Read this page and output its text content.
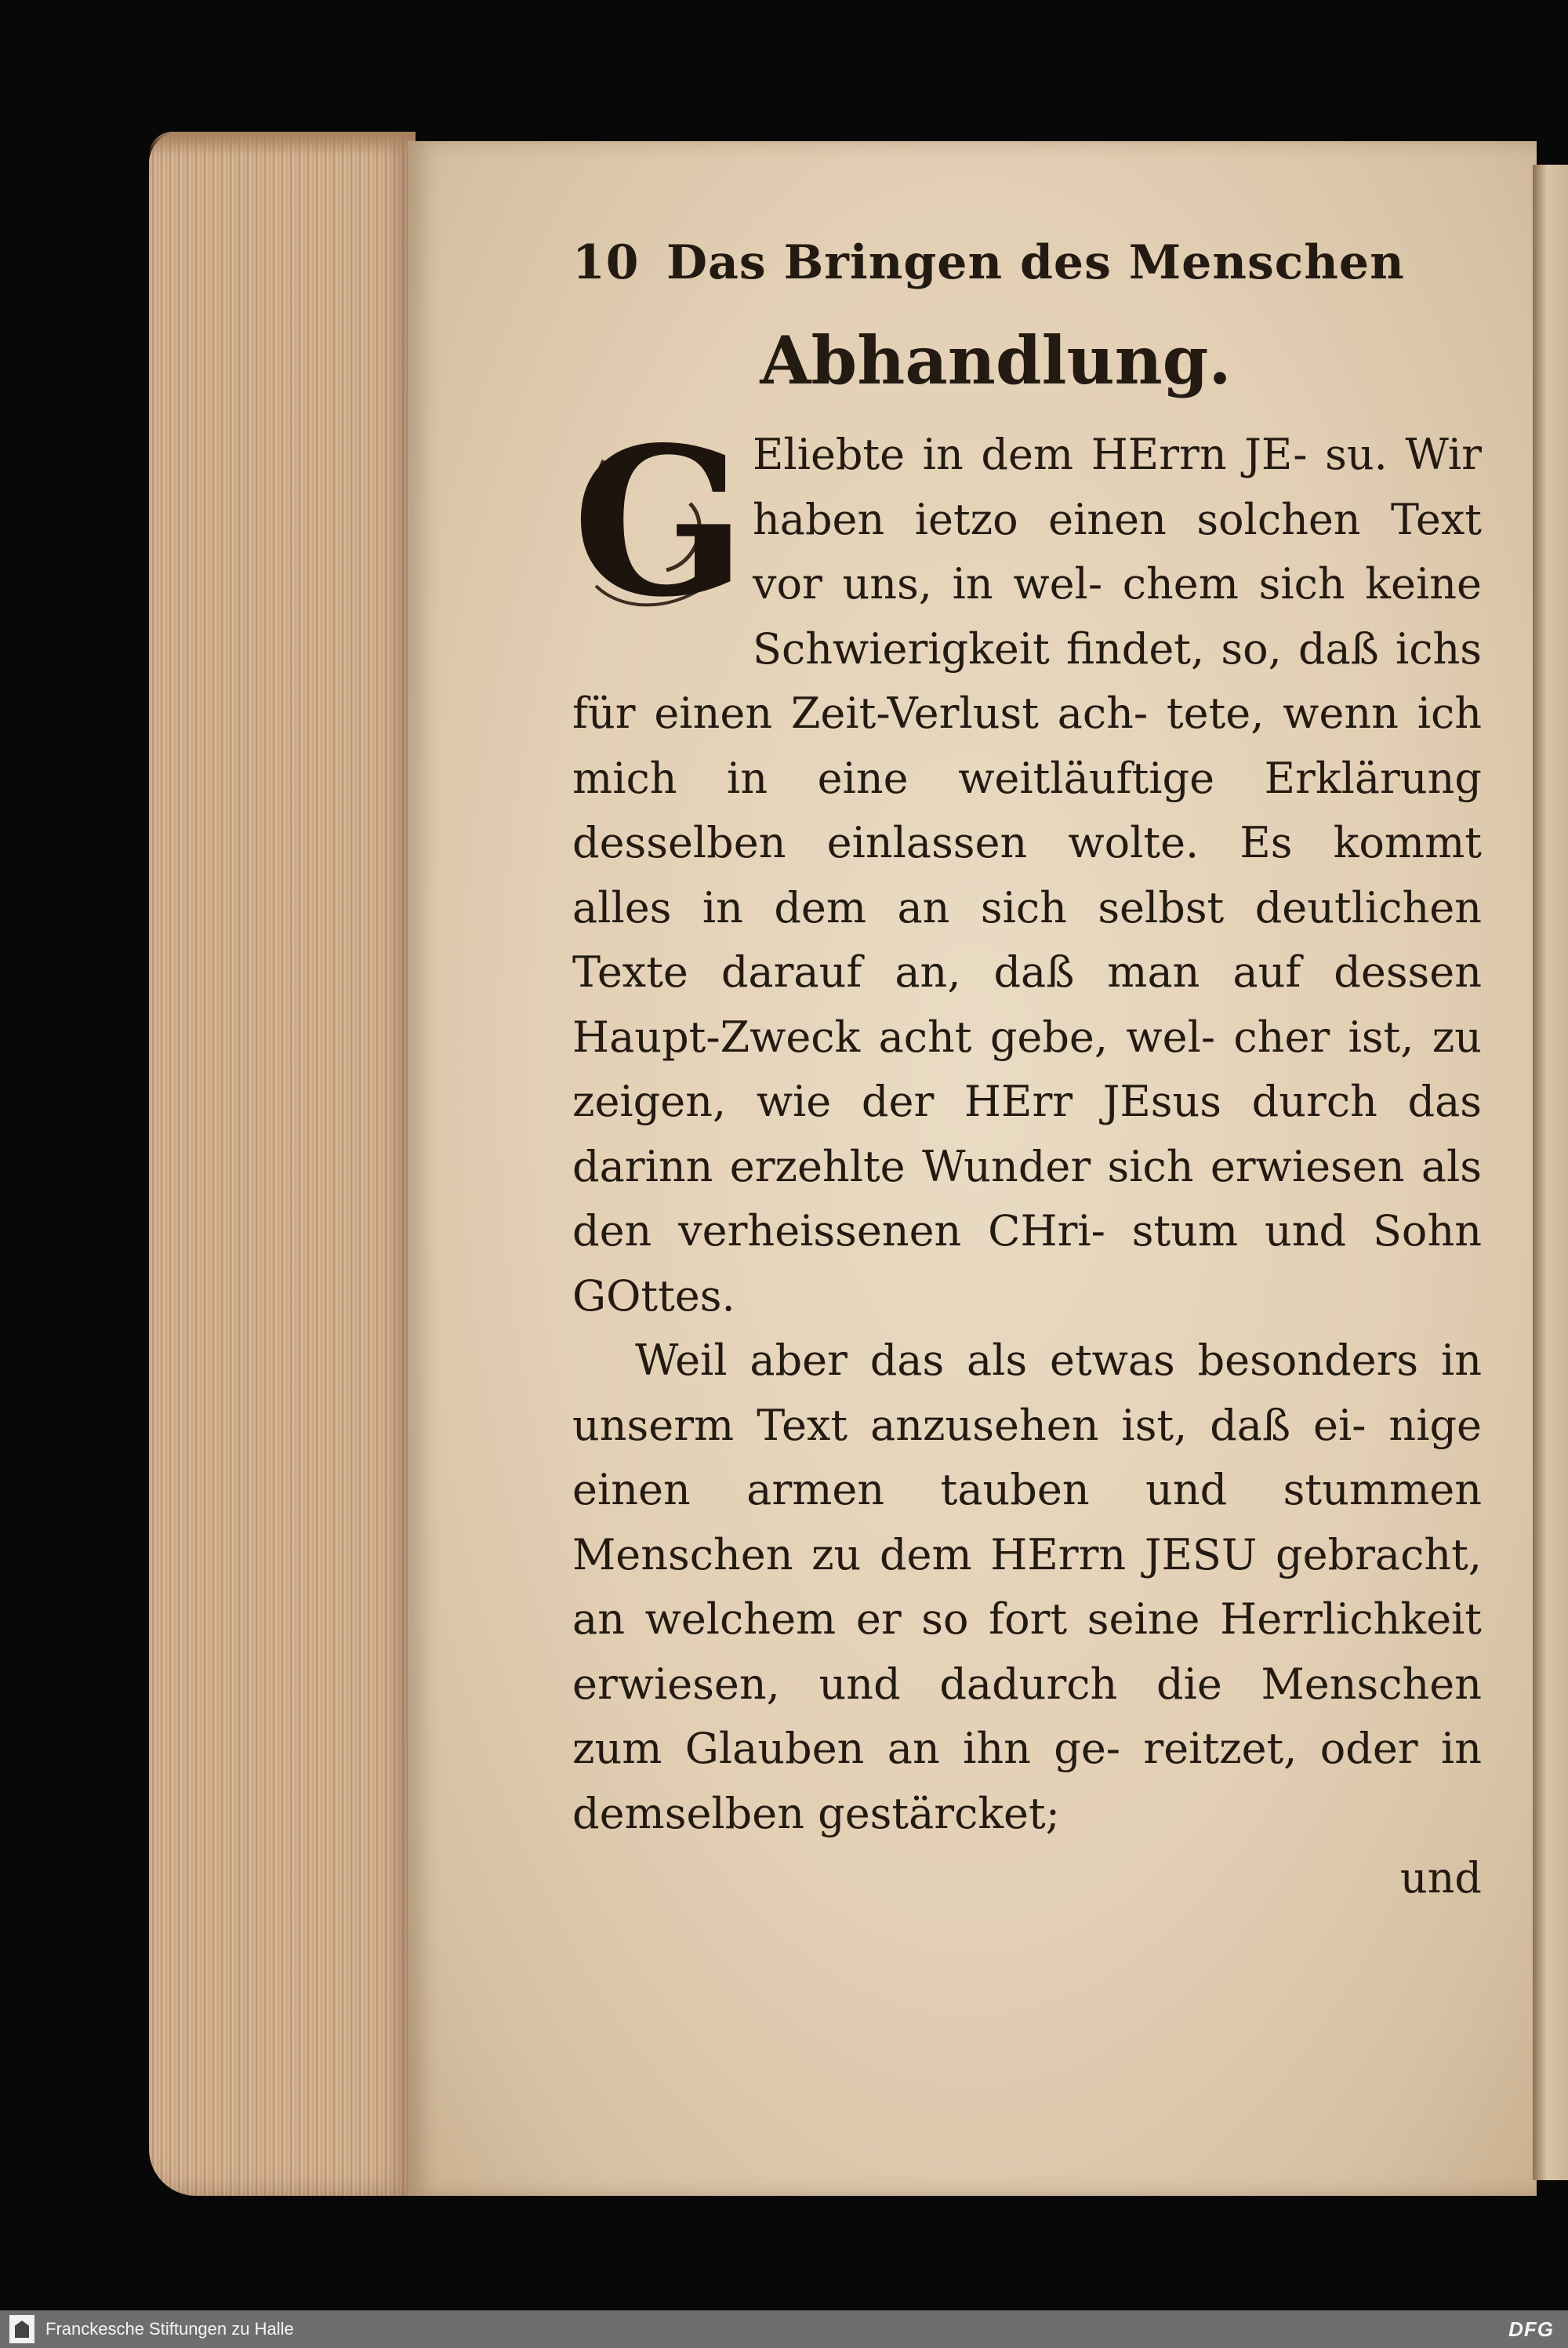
10 Das Bringen des Menschen
Abhandlung.
G Eliebte in dem HErrn JE- su. Wir haben ietzo einen solchen Text vor uns, in wel- chem sich keine Schwierigkeit findet, so, daß ichs für einen Zeit-Verlust ach- tete, wenn ich mich in eine weitläuftige Erklärung desselben einlassen wolte. Es kommt alles in dem an sich selbst deutlichen Texte darauf an, daß man auf dessen Haupt-Zweck acht gebe, wel- cher ist, zu zeigen, wie der HErr JEsus durch das darinn erzehlte Wunder sich erwiesen als den verheissenen CHri- stum und Sohn GOttes.

Weil aber das als etwas besonders in unserm Text anzusehen ist, daß ei- nige einen armen tauben und stummen Menschen zu dem HErrn JESU gebracht, an welchem er so fort seine Herrlichkeit erwiesen, und dadurch die Menschen zum Glauben an ihn ge- reitzet, oder in demselben gestärcket;

und
Franckesche Stiftungen zu Halle	DFG
